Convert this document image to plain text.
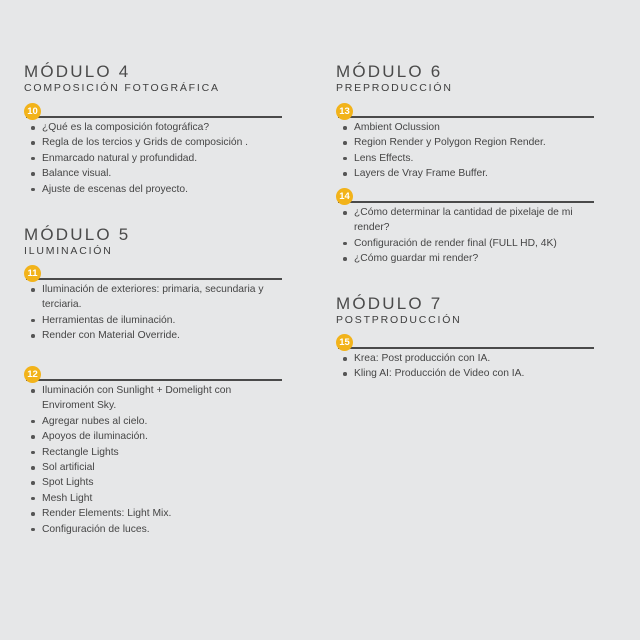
MÓDULO 4

COMPOSICIÓN FOTOGRÁFICA

10
¿Qué es la composición fotográfica?
Regla de los tercios y Grids de composición .
Enmarcado natural y profundidad.
Balance visual.
Ajuste de escenas del proyecto.

MÓDULO 5

ILUMINACIÓN

11
Iluminación de exteriores: primaria, secundaria y terciaria.
Herramientas de iluminación.
Render con Material Override.
12
Iluminación con Sunlight + Domelight con Enviroment Sky.
Agregar nubes al cielo.
Apoyos de iluminación.
Rectangle Lights
Sol artificial
Spot Lights
Mesh Light
Render Elements: Light Mix.
Configuración de luces.

MÓDULO 6

PREPRODUCCIÓN

13
Ambient Oclussion
Region Render y Polygon Region Render.
Lens Effects.
Layers de Vray Frame Buffer.
14
¿Cómo determinar la cantidad de pixelaje de mi render?
Configuración de render final (FULL HD, 4K)
¿Cómo guardar mi render?

MÓDULO 7

POSTPRODUCCIÓN

15
Krea: Post producción con IA.
Kling AI: Producción de Video con IA.
